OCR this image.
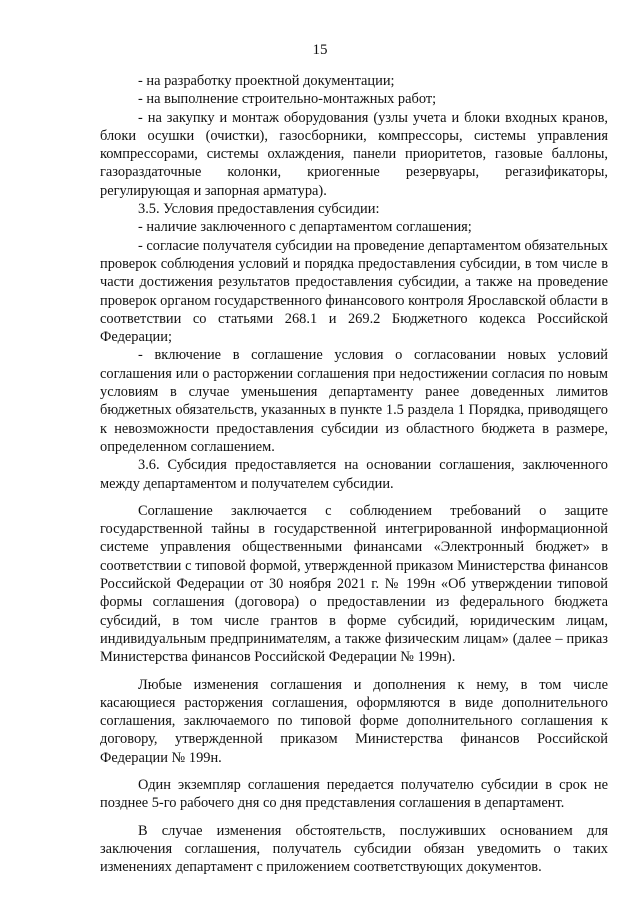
15

- на разработку проектной документации;

- на выполнение строительно-монтажных работ;

- на закупку и монтаж оборудования (узлы учета и блоки входных кранов, блоки осушки (очистки), газосборники, компрессоры, системы управления компрессорами, системы охлаждения, панели приоритетов, газовые баллоны, газораздаточные колонки, криогенные резервуары, регазификаторы, регулирующая и запорная арматура).

3.5. Условия предоставления субсидии:

- наличие заключенного с департаментом соглашения;

- согласие получателя субсидии на проведение департаментом обязательных проверок соблюдения условий и порядка предоставления субсидии, в том числе в части достижения результатов предоставления субсидии, а также на проведение проверок органом государственного финансового контроля Ярославской области в соответствии со статьями 268.1 и 269.2 Бюджетного кодекса Российской Федерации;

- включение в соглашение условия о согласовании новых условий соглашения или о расторжении соглашения при недостижении согласия по новым условиям в случае уменьшения департаменту ранее доведенных лимитов бюджетных обязательств, указанных в пункте 1.5 раздела 1 Порядка, приводящего к невозможности предоставления субсидии из областного бюджета в размере, определенном соглашением.

3.6. Субсидия предоставляется на основании соглашения, заключенного между департаментом и получателем субсидии.

Соглашение заключается с соблюдением требований о защите государственной тайны в государственной интегрированной информационной системе управления общественными финансами «Электронный бюджет» в соответствии с типовой формой, утвержденной приказом Министерства финансов Российской Федерации от 30 ноября 2021 г. № 199н «Об утверждении типовой формы соглашения (договора) о предоставлении из федерального бюджета субсидий, в том числе грантов в форме субсидий, юридическим лицам, индивидуальным предпринимателям, а также физическим лицам» (далее – приказ Министерства финансов Российской Федерации № 199н).

Любые изменения соглашения и дополнения к нему, в том числе касающиеся расторжения соглашения, оформляются в виде дополнительного соглашения, заключаемого по типовой форме дополнительного соглашения к договору, утвержденной приказом Министерства финансов Российской Федерации № 199н.

Один экземпляр соглашения передается получателю субсидии в срок не позднее 5-го рабочего дня со дня представления соглашения в департамент.

В случае изменения обстоятельств, послуживших основанием для заключения соглашения, получатель субсидии обязан уведомить о таких изменениях департамент с приложением соответствующих документов.
